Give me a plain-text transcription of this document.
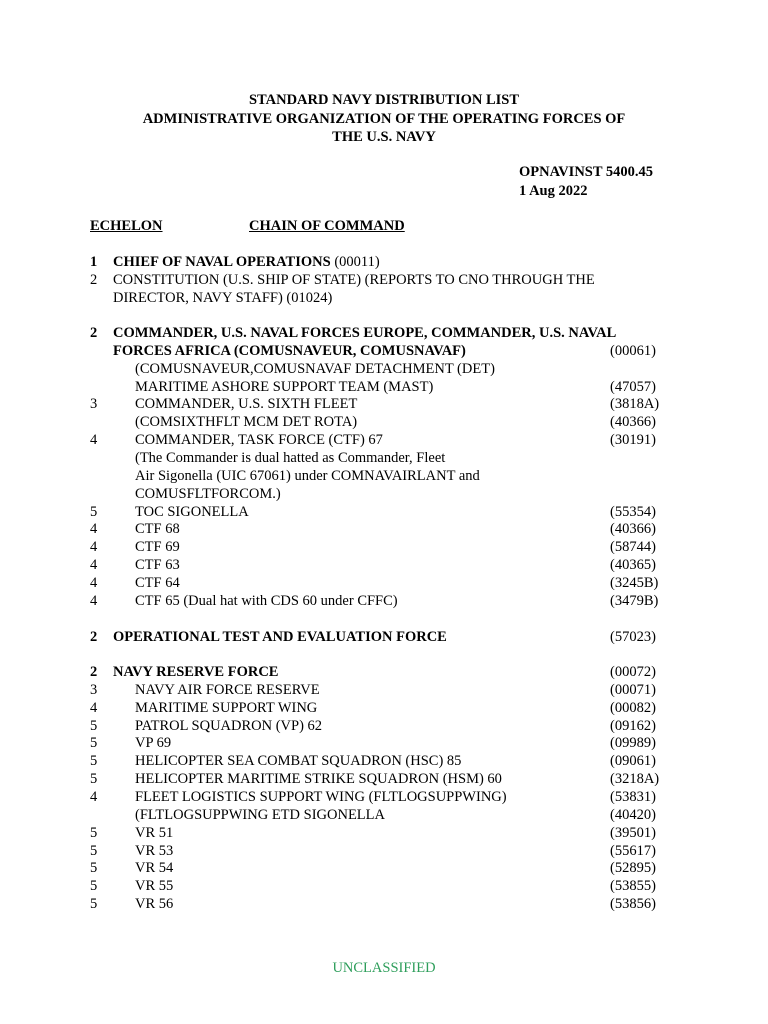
STANDARD NAVY DISTRIBUTION LIST
ADMINISTRATIVE ORGANIZATION OF THE OPERATING FORCES OF
THE U.S. NAVY
OPNAVINST 5400.45
1 Aug 2022
ECHELON	CHAIN OF COMMAND
1 CHIEF OF NAVAL OPERATIONS (00011)
2 CONSTITUTION (U.S. SHIP OF STATE) (REPORTS TO CNO THROUGH THE
DIRECTOR, NAVY STAFF) (01024)
2 COMMANDER, U.S. NAVAL FORCES EUROPE, COMMANDER, U.S. NAVAL
FORCES AFRICA (COMUSNAVEUR, COMUSNAVAF)	(00061)
(COMUSNAVEUR,COMUSNAVAF DETACHMENT (DET)
MARITIME ASHORE SUPPORT TEAM (MAST)	(47057)
3	COMMANDER, U.S. SIXTH FLEET	(3818A)
(COMSIXTHFLT MCM DET ROTA)	(40366)
4	COMMANDER, TASK FORCE (CTF) 67	(30191)
(The Commander is dual hatted as Commander, Fleet
Air Sigonella (UIC 67061) under COMNAVAIRLANT and
COMUSFLTFORCOM.)
5	TOC SIGONELLA	(55354)
4	CTF 68	(40366)
4	CTF 69	(58744)
4	CTF 63	(40365)
4	CTF 64	(3245B)
4	CTF 65 (Dual hat with CDS 60 under CFFC)	(3479B)
2 OPERATIONAL TEST AND EVALUATION FORCE	(57023)
2 NAVY RESERVE FORCE	(00072)
3	NAVY AIR FORCE RESERVE	(00071)
4	MARITIME SUPPORT WING	(00082)
5	PATROL SQUADRON (VP) 62	(09162)
5	VP 69	(09989)
5	HELICOPTER SEA COMBAT SQUADRON (HSC) 85	(09061)
5	HELICOPTER MARITIME STRIKE SQUADRON (HSM) 60	(3218A)
4	FLEET LOGISTICS SUPPORT WING (FLTLOGSUPPWING)	(53831)
(FLTLOGSUPPWING ETD SIGONELLA	(40420)
5	VR 51	(39501)
5	VR 53	(55617)
5	VR 54	(52895)
5	VR 55	(53855)
5	VR 56	(53856)
UNCLASSIFIED
